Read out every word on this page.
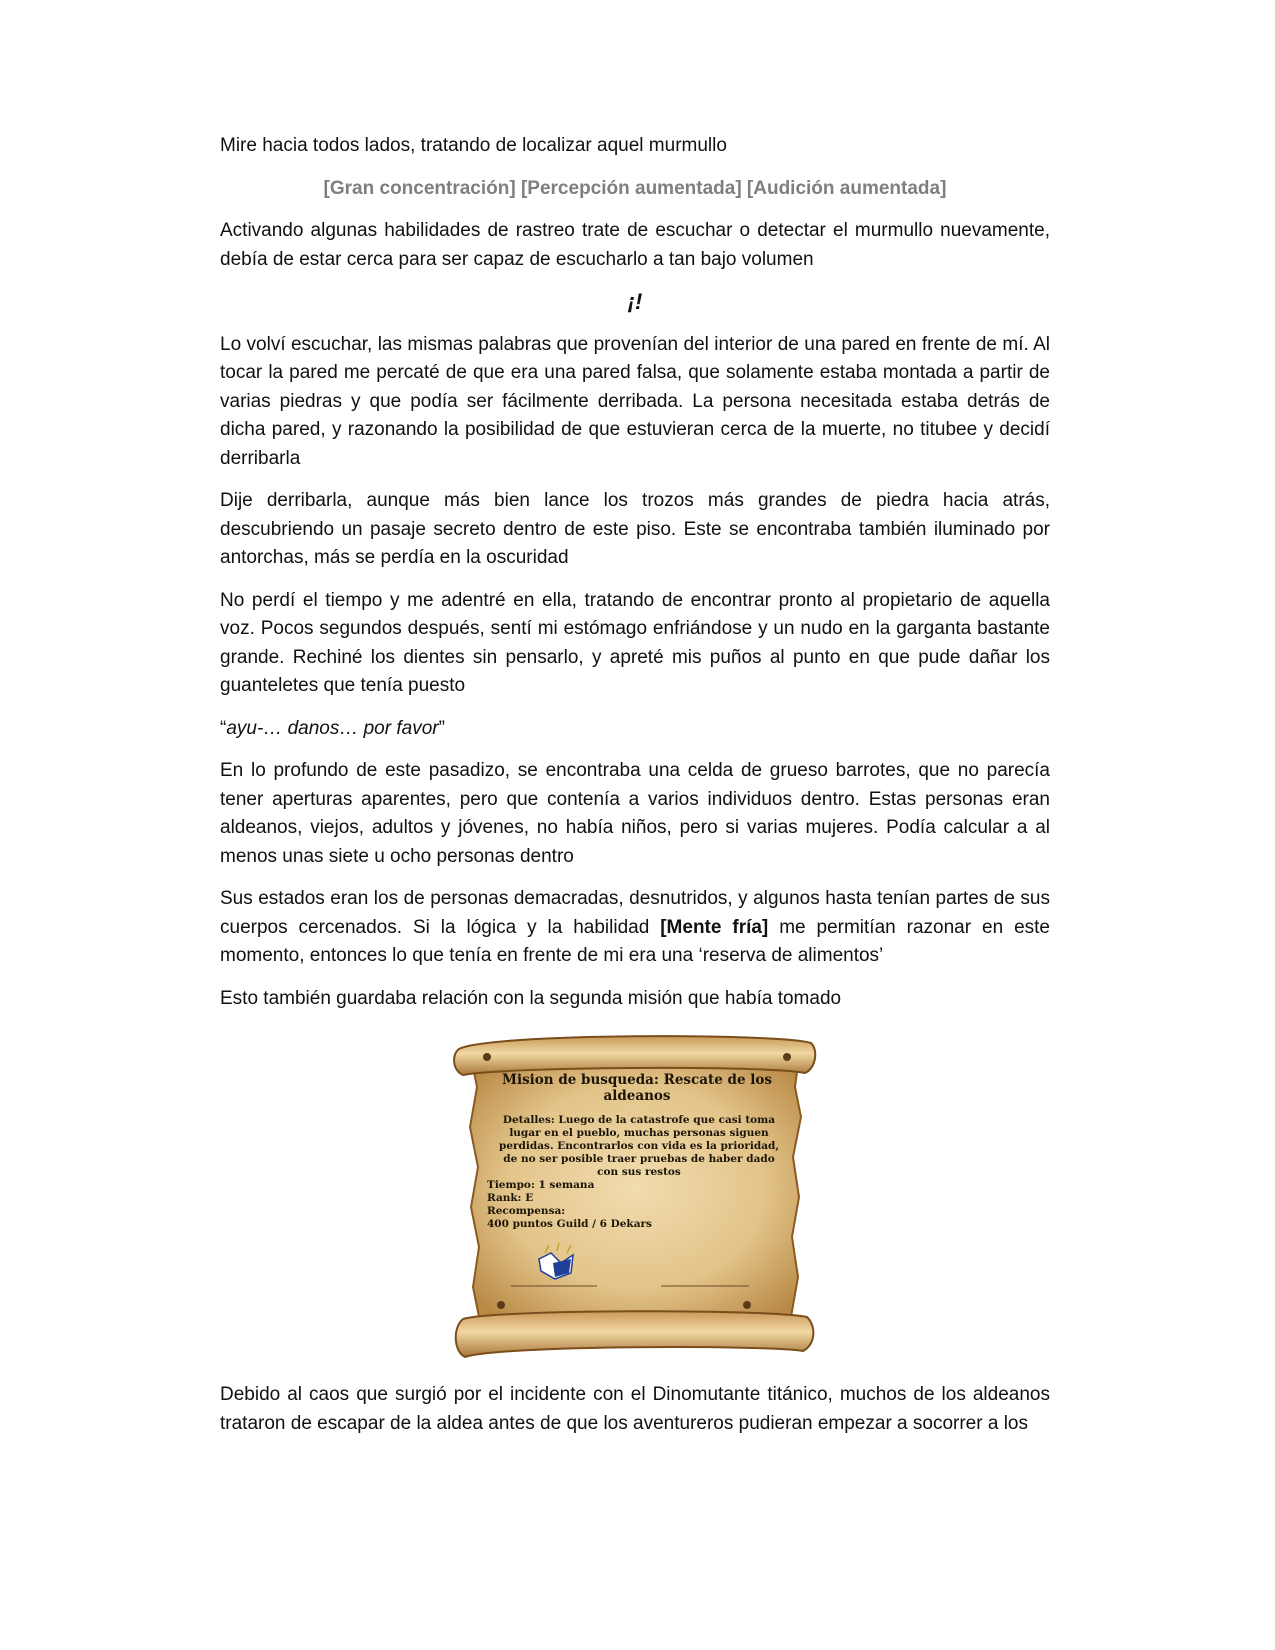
Mire hacia todos lados, tratando de localizar aquel murmullo

[Gran concentración] [Percepción aumentada] [Audición aumentada]

Activando algunas habilidades de rastreo trate de escuchar o detectar el murmullo nuevamente, debía de estar cerca para ser capaz de escucharlo a tan bajo volumen

¡!

Lo volví escuchar, las mismas palabras que provenían del interior de una pared en frente de mí. Al tocar la pared me percaté de que era una pared falsa, que solamente estaba montada a partir de varias piedras y que podía ser fácilmente derribada. La persona necesitada estaba detrás de dicha pared, y razonando la posibilidad de que estuvieran cerca de la muerte, no titubee y decidí derribarla

Dije derribarla, aunque más bien lance los trozos más grandes de piedra hacia atrás, descubriendo un pasaje secreto dentro de este piso. Este se encontraba también iluminado por antorchas, más se perdía en la oscuridad

No perdí el tiempo y me adentré en ella, tratando de encontrar pronto al propietario de aquella voz. Pocos segundos después, sentí mi estómago enfriándose y un nudo en la garganta bastante grande. Rechiné los dientes sin pensarlo, y apreté mis puños al punto en que pude dañar los guanteletes que tenía puesto

“ayu-… danos… por favor”

En lo profundo de este pasadizo, se encontraba una celda de grueso barrotes, que no parecía tener aperturas aparentes, pero que contenía a varios individuos dentro. Estas personas eran aldeanos, viejos, adultos y jóvenes, no había niños, pero si varias mujeres. Podía calcular a al menos unas siete u ocho personas dentro

Sus estados eran los de personas demacradas, desnutridos, y algunos hasta tenían partes de sus cuerpos cercenados. Si la lógica y la habilidad [Mente fría] me permitían razonar en este momento, entonces lo que tenía en frente de mi era una ‘reserva de alimentos’

Esto también guardaba relación con la segunda misión que había tomado

Mision de busqueda: Rescate de los aldeanos

Detalles: Luego de la catastrofe que casi toma lugar en el pueblo, muchas personas siguen perdidas. Encontrarlos con vida es la prioridad, de no ser posible traer pruebas de haber dado con sus restos

Tiempo: 1 semana

Rank: E

Recompensa:

400 puntos Guild / 6 Dekars

Debido al caos que surgió por el incidente con el Dinomutante titánico, muchos de los aldeanos trataron de escapar de la aldea antes de que los aventureros pudieran empezar a socorrer a los
